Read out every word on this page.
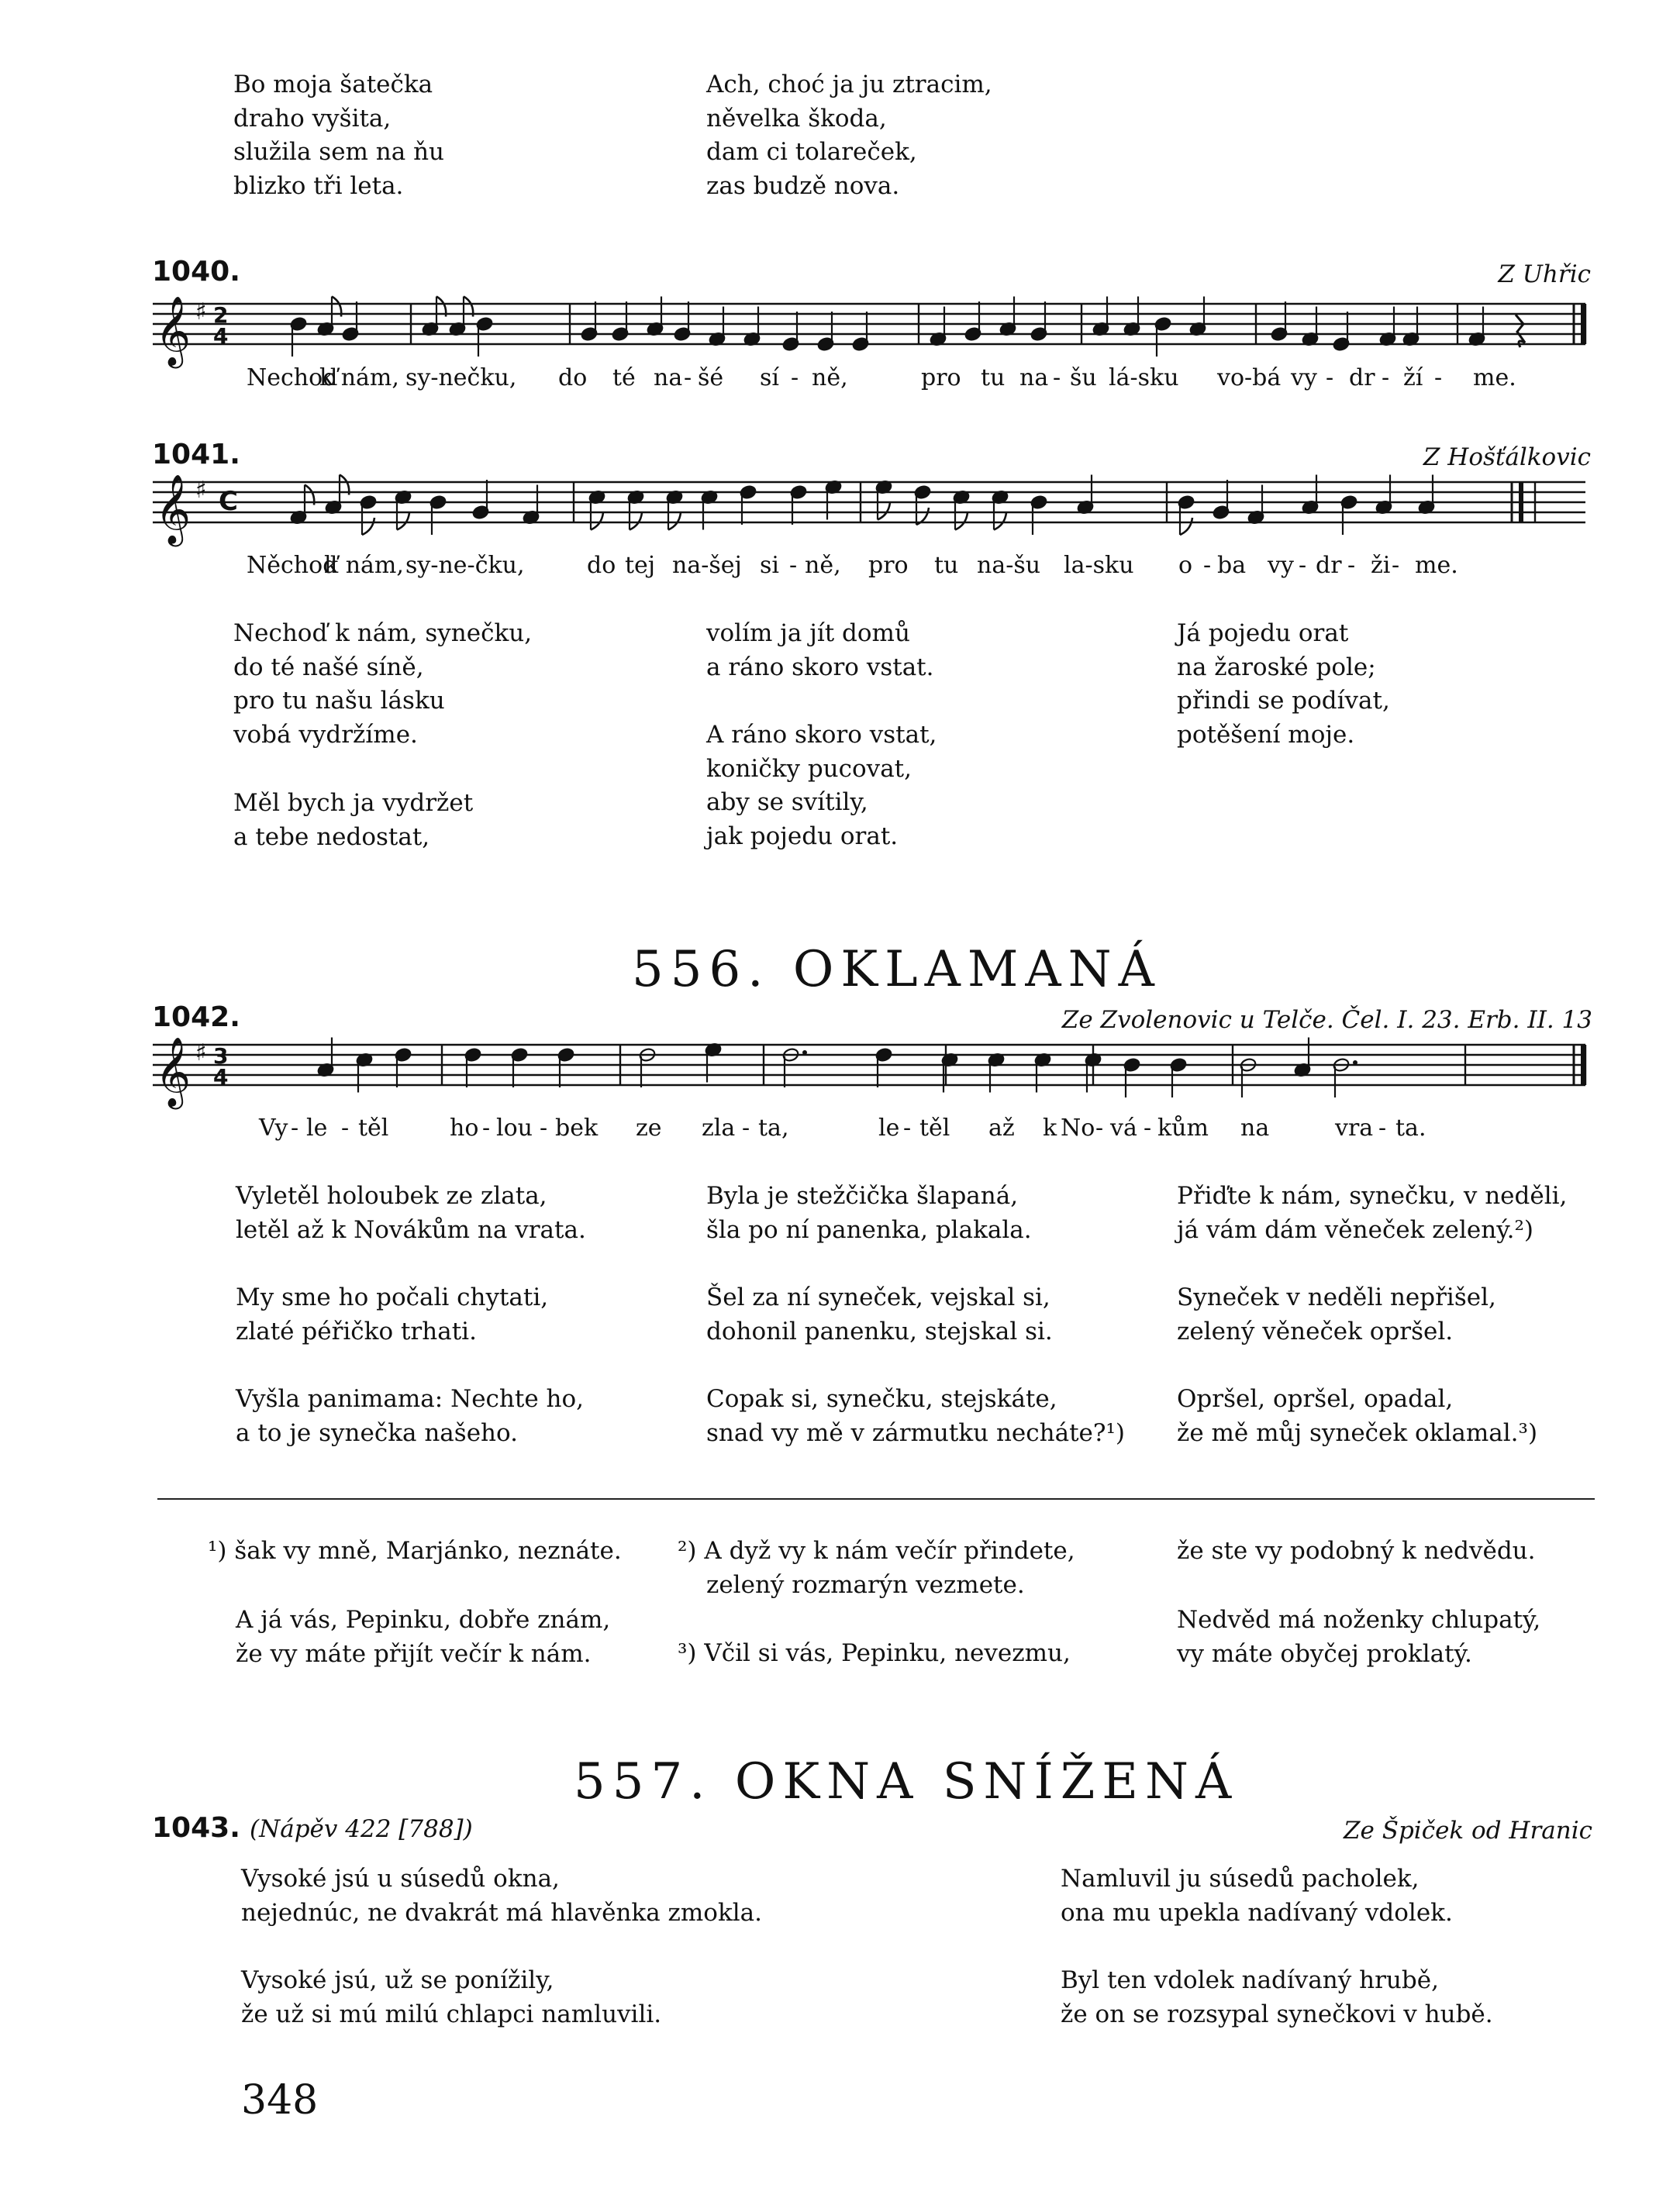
Bo moja šatečka
draho vyšita,
služila sem na ňu
blizko tři leta.
Ach, choć ja ju ztracim,
něvelka škoda,
dam ci tolareček,
zas budzě nova.
1040.	Z Uhřic
𝄞 ♯ 2
4
𝄞 ♯ C
𝄞 ♯ 3
4
Nechoď
k nám, sy-nečku, do té na - šé sí - ně,	pro tu na - šu lá-sku vo-bá vy - dr - ží - me.
1041.	Z Hošťálkovic
Něchoď
k nám, sy-ne-čku,	do tej na-šej si - ně, pro tu na-šu la-sku o - ba vy - dr - ži - me.
Nechoď k nám, synečku,
do té našé síně,
pro tu našu lásku
vobá vydržíme.
Měl bych ja vydržet
a tebe nedostat,
volím ja jít domů
a ráno skoro vstat.
A ráno skoro vstat,
koničky pucovat,
aby se svítily,
jak pojedu orat.
Já pojedu orat
na žaroské pole;
přindi se podívat,
potěšení moje.
556. OKLAMANÁ
1042.	Ze Zvolenovic u Telče. Čel. I. 23. Erb. II. 13
Vy - le - těl	ho - lou - bek ze zla - ta,	le - těl až k No - vá - kům na	vra - ta.
Vyletěl holoubek ze zlata,
letěl až k Novákům na vrata.
My sme ho počali chytati,
zlaté péřičko trhati.
Vyšla panimama: Nechte ho,
a to je synečka našeho.
Byla je stežčička šlapaná,
šla po ní panenka, plakala.
Šel za ní syneček, vejskal si,
dohonil panenku, stejskal si.
Copak si, synečku, stejskáte,
snad vy mě v zármutku necháte?¹)
Přiďte k nám, synečku, v neděli,
já vám dám věneček zelený.²)
Syneček v neděli nepřišel,
zelený věneček opršel.
Opršel, opršel, opadal,
že mě můj syneček oklamal.³)
¹) šak vy mně, Marjánko, neznáte.
A já vás, Pepinku, dobře znám,
že vy máte přijít večír k nám.
²) A dyž vy k nám večír přindete,
zelený rozmarýn vezmete.
³) Včil si vás, Pepinku, nevezmu,
že ste vy podobný k nedvědu.
Nedvěd má noženky chlupatý,
vy máte obyčej proklatý.
557. OKNA SNÍŽENÁ
1043. (Nápěv 422 [788])	Ze Špiček od Hranic
Vysoké jsú u súsedů okna,
nejednúc, ne dvakrát má hlavěnka zmokla.
Vysoké jsú, už se ponížily,
že už si mú milú chlapci namluvili.
Namluvil ju súsedů pacholek,
ona mu upekla nadívaný vdolek.
Byl ten vdolek nadívaný hrubě,
že on se rozsypal synečkovi v hubě.
348
